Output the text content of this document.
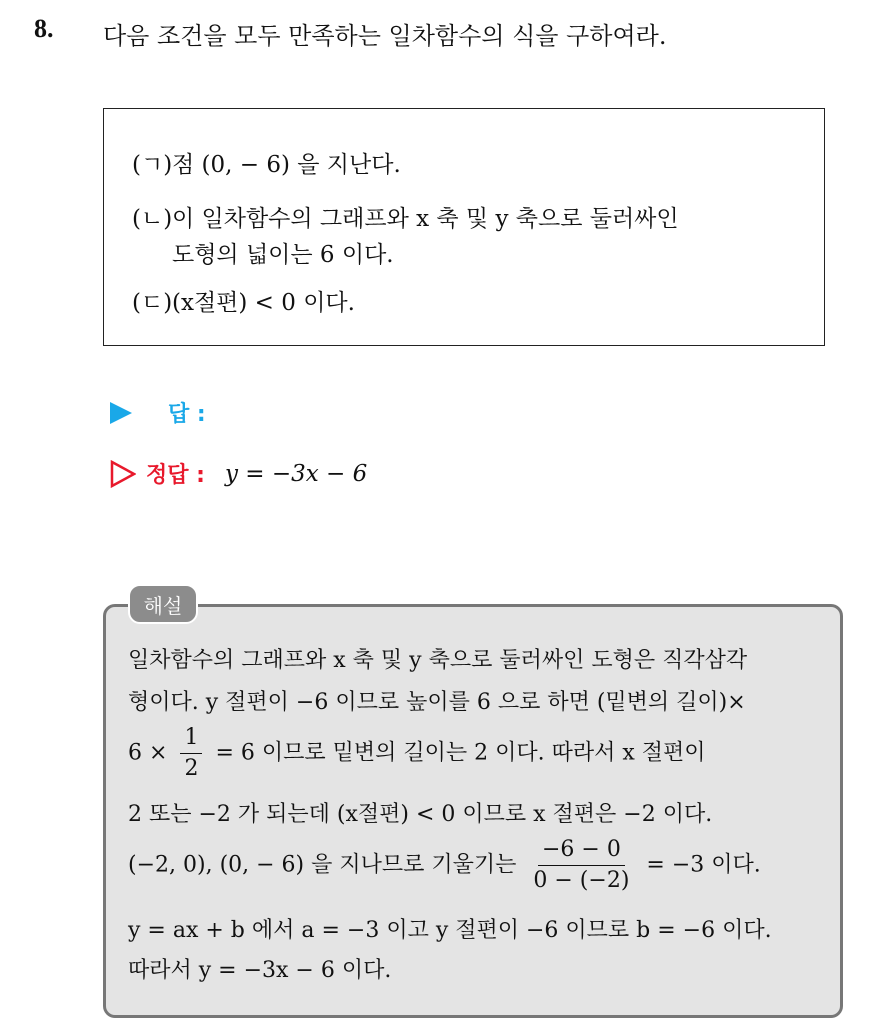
8. 다음 조건을 모두 만족하는 일차함수의 식을 구하여라.
(ㄱ)점 (0, − 6) 을 지난다.
(ㄴ)이 일차함수의 그래프와 x 축 및 y 축으로 둘러싸인
도형의 넓이는 6 이다.
(ㄷ)(x절편) < 0 이다.
답 :
정답 : y = −3x − 6
일차함수의 그래프와 x 축 및 y 축으로 둘러싸인 도형은 직각삼각
형이다. y 절편이 −6 이므로 높이를 6 으로 하면 (밑변의 길이)×
$6 \times \frac{1}{2} = 6$ 이므로 밑변의 길이는 2 이다. 따라서 x 절편이
2 또는 −2 가 되는데 (x절편) < 0 이므로 x 절편은 −2 이다.
(−2, 0), (0, − 6) 을 지나므로 기울기는 $\frac{-6 - 0}{0 - (-2)} = -3$ 이다.
y = ax + b 에서 a = −3 이고 y 절편이 −6 이므로 b = −6 이다.
따라서 y = −3x − 6 이다.
해설
